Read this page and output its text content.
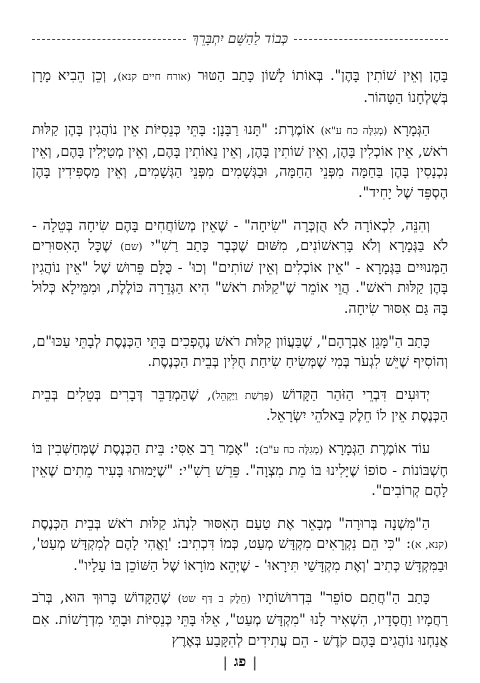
כְּבוֹד לַהַשֵּׁם יִתְבָּרֵךְ

בָּהֶן וְאֵין שׁוֹתִין בָּהֶן". בְּאוֹתוֹ לָשׁוֹן כָּתַב הַטּוּר (אורח חיים קנא), וְכֵן הֵבִיא מָרָן בְּשֻׁלְחָנוֹ הַטָּהוֹר.

הַגְּמָרָא (מְגִלָּה כח ע"א) אוֹמֶרֶת: "תָּנוּ רַבָּנָן: בָּתֵּי כְּנֵסִיּוֹת אֵין נוֹהֲגִין בָּהֶן קַלּוּת רֹאשׁ, אֵין אוֹכְלִין בָּהֶן, וְאֵין שׁוֹתִין בָּהֶן, וְאֵין נֵאוֹתִין בָּהֶם, וְאֵין מְטַיְּלִין בָּהֶם, וְאֵין נִכְנָסִין בָּהֶן בַּחַמָּה מִפְּנֵי הַחַמָּה, וּבַגְּשָׁמִים מִפְּנֵי הַגְּשָׁמִים, וְאֵין מַסְפִּידִין בָּהֶן הֶסְפֵּד שֶׁל יָחִיד".

וְהִנֵּה, לִכְאוֹרָה לֹא הֻזְכְּרָה "שִׂיחָה" - שֶׁאֵין מְשׂוֹחֲחִים בָּהֶם שִׂיחָה בְּטֵלָה - לֹא בַּגְּמָרָא וְלֹא בָּרִאשׁוֹנִים, מִשּׁוּם שֶׁכְּבָר כָּתַב רַשִׁ"י (שם) שֶׁכָּל הָאִסּוּרִים הַמְּנוּיִים בַּגְּמָרָא - "אֵין אוֹכְלִים וְאֵין שׁוֹתִים" וְכוּ' - כֻּלָּם פֵּרוּשׁ שֶׁל "אֵין נוֹהֲגִין בָּהֶן קַלּוּת רֹאשׁ". הֲוֵי אוֹמֵר שֶׁ"קַלּוּת רֹאשׁ" הִיא הַגְּדֵרָה כּוֹלֶלֶת, וּמִמֵּילָא כְּלוּל בָּהּ גַּם אִסּוּר שִׂיחָה.

כָּתַב הַ"מָּגֵן אַבְרָהָם", שֶׁבַּעֲוֹון קַלּוּת רֹאשׁ נֶהֶפְכִים בָּתֵּי הַכְּנֶסֶת לְבָתֵּי עַכּוּ"ם, וְהוֹסִיף שֶׁיֵּשׁ לִגְעֹר בְּמִי שֶׁמְּשִׂיחַ שִׂיחַת חֻלִּין בְּבֵית הַכְּנֶסֶת.

יְדוּעִים דִּבְרֵי הַזֹּהַר הַקָּדוֹשׁ (פָּרָשַׁת וַיַּקְהֵל), שֶׁהַמְדַבֵּר דְּבָרִים בְּטֵלִים בְּבֵית הַכְּנֶסֶת אֵין לוֹ חֵלֶק בֵּאלֹהֵי יִשְׂרָאֵל.

עוֹד אוֹמֶרֶת הַגְּמָרָא (מְגִלָּה כח ע"ב): "אָמַר רַב אַסִּי: בֵּית הַכְּנֶסֶת שֶׁמְּחַשְּׁבִין בּוֹ חֶשְׁבּוֹנוֹת - סוֹפוֹ שֶׁיָּלִינוּ בּוֹ מֵת מִצְוָה". פֵּרֵשׁ רַשִׁ"י: "שֶׁיָּמוּתוּ בָּעִיר מֵתִים שֶׁאֵין לָהֶם קְרוֹבִים".

הַ"מִּשְׁנָה בְּרוּרָה" מְבָאֵר אֶת טַעַם הָאִסּוּר לִנְהֹג קַלּוּת רֹאשׁ בְּבֵית הַכְּנֶסֶת (קנא, א): "כִּי הֵם נִקְרָאִים מִקְדָּשׁ מְעַט, כְּמוֹ דִּכְתִיב: 'וָאֱהִי לָהֶם לְמִקְדָּשׁ מְעַט', וּבַמִּקְדָּשׁ כְּתִיב 'וְאֶת מִקְדָּשַׁי תִּירָאוּ' - שֶׁיְּהֵא מוֹרָאוֹ שֶׁל הַשּׁוֹכֵן בּוֹ עָלָיו".

כָּתַב הַ"חֲתַם סוֹפֵר" בִּדְרוּשׁוֹתָיו (חֵלֶק ב דַּף שט) שֶׁהַקָּדוֹשׁ בָּרוּךְ הוּא, בְּרֹב רַחֲמָיו וַחֲסָדָיו, הִשְׁאִיר לָנוּ "מִקְדָּשׁ מְעַט", אֵלּוּ בָּתֵּי כְּנֵסִיּוֹת וּבָתֵּי מִדְרָשׁוֹת. אִם אֲנַחְנוּ נוֹהֲגִים בָּהֶם קֹדֶשׁ - הֵם עֲתִידִים לְהִקָּבַע בְּאֶרֶץ

|
פג
|
